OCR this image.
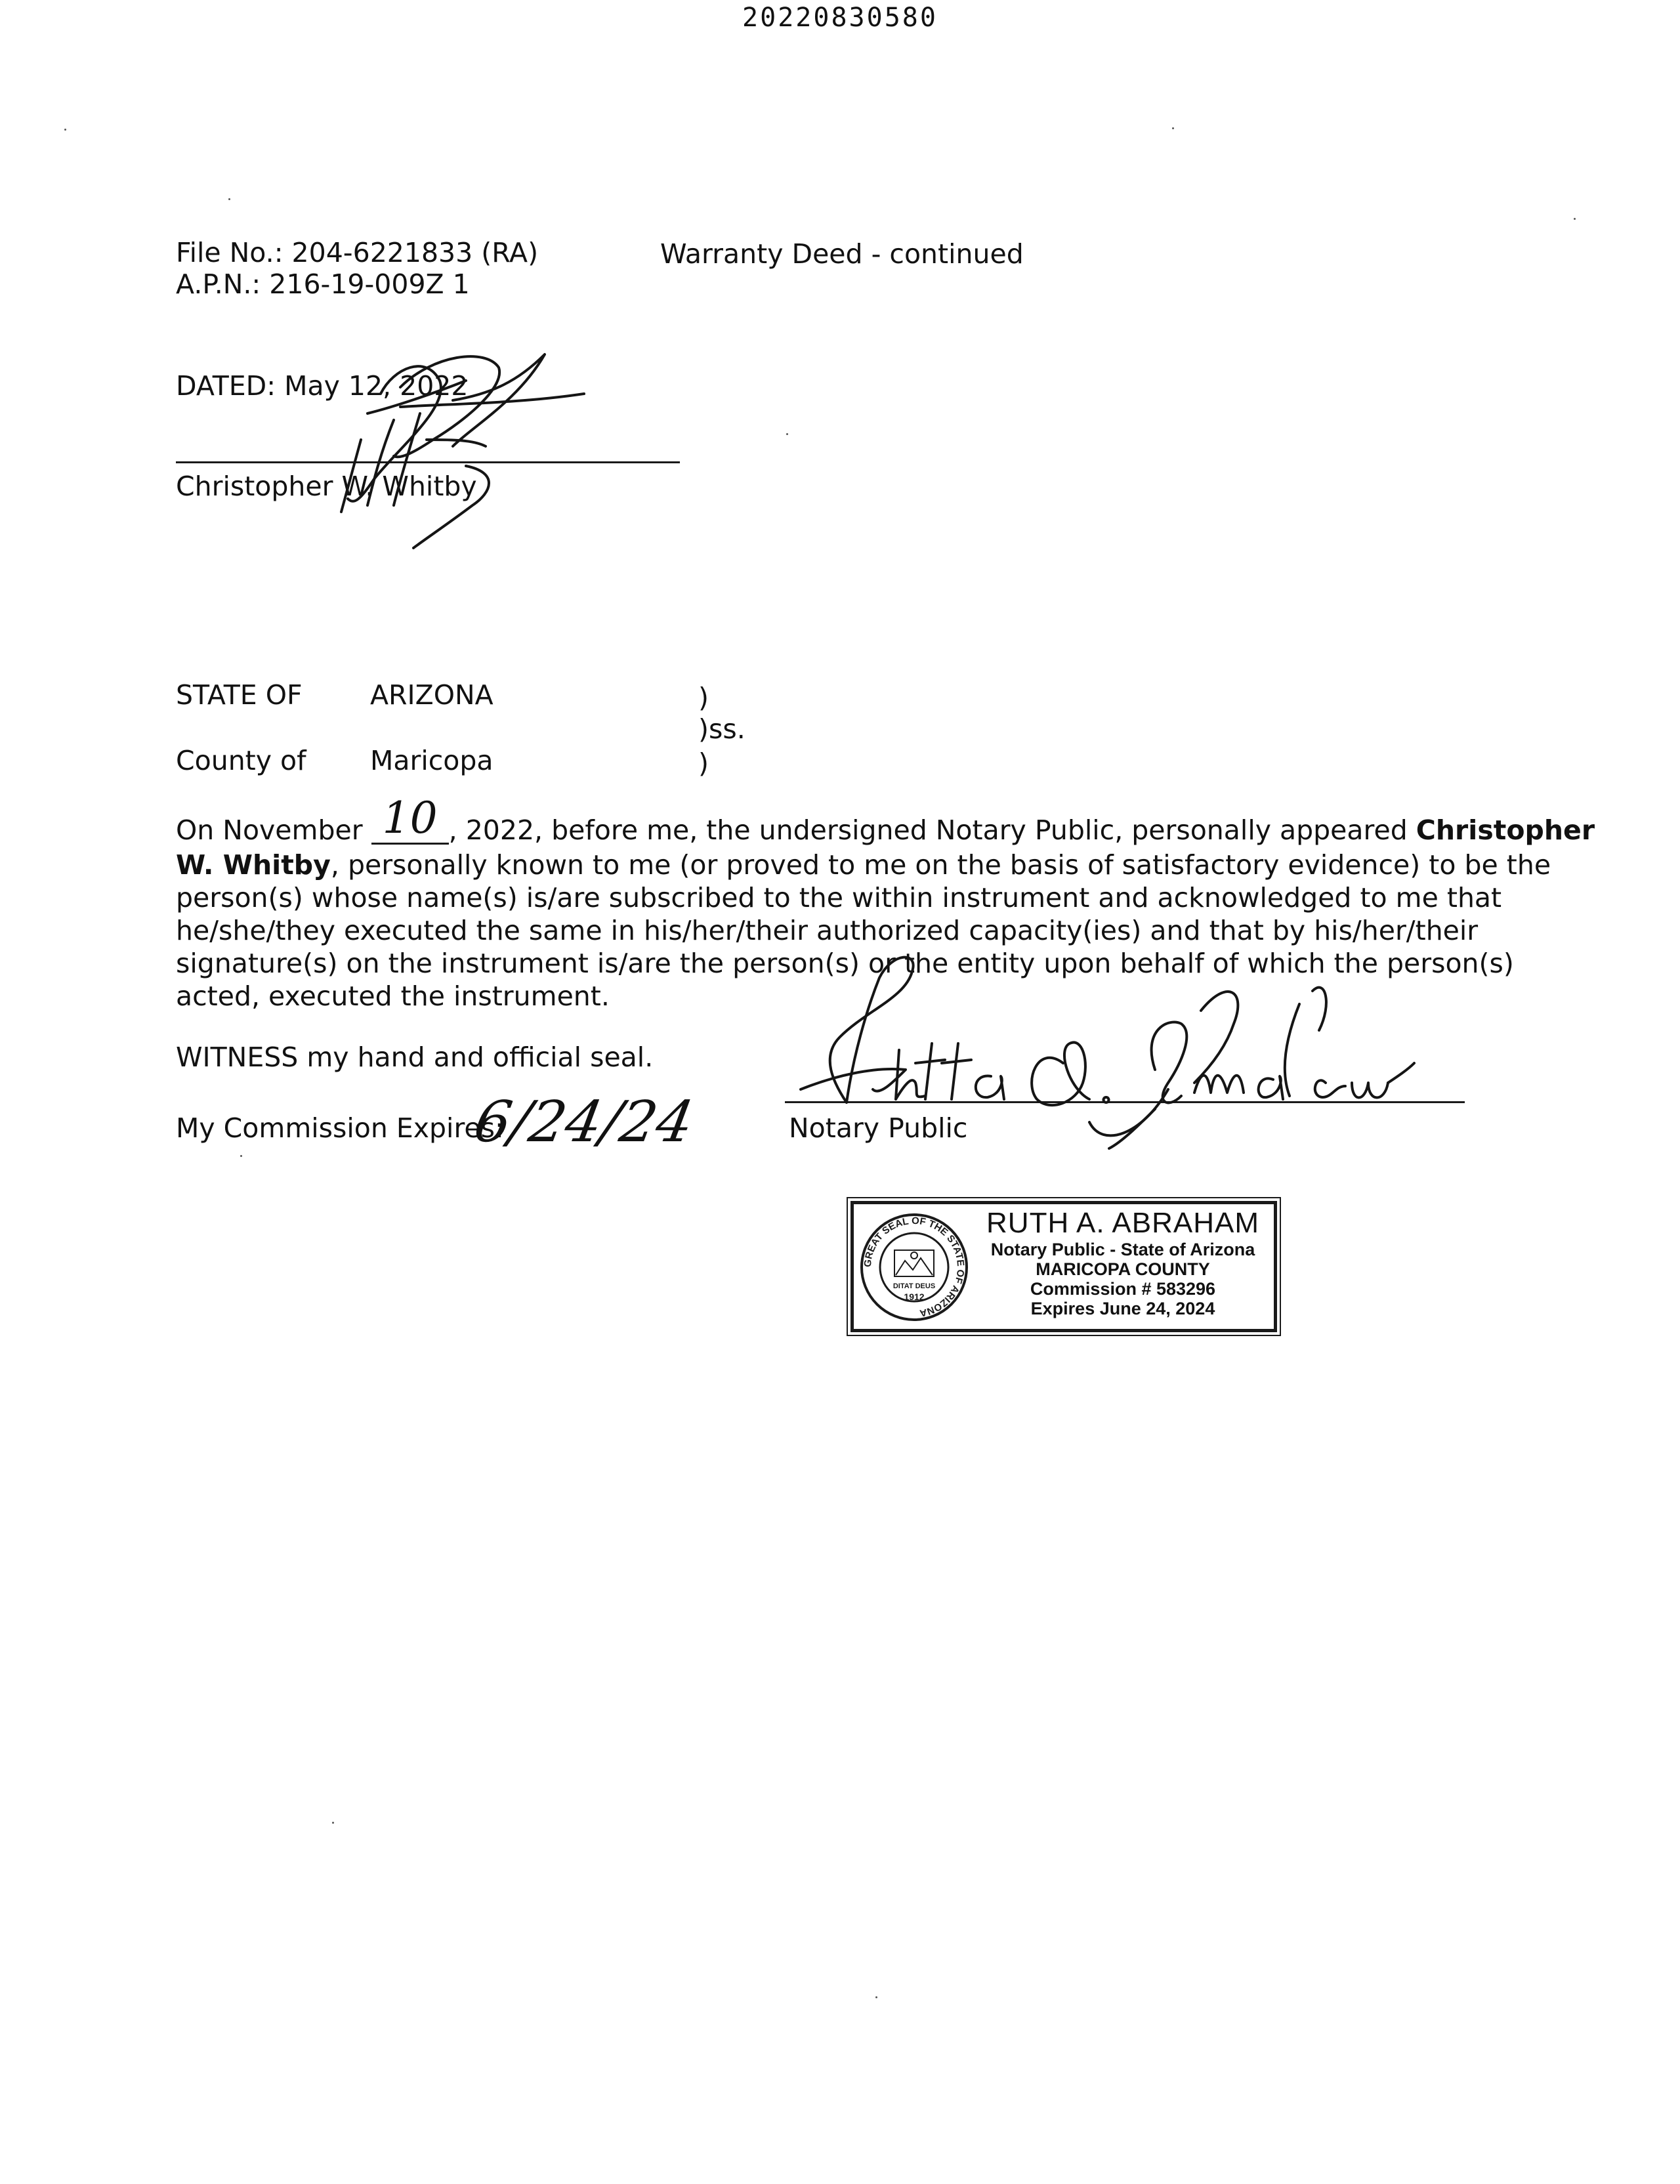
20220830580
File No.: 204-6221833 (RA)
A.P.N.: 216-19-009Z 1
Warranty Deed - continued
DATED: May 12, 2022
Christopher W. Whitby
STATE OF	ARIZONA	)
)ss.
County of Maricopa	)
On November 10 , 2022, before me, the undersigned Notary Public, personally appeared Christopher
W. Whitby, personally known to me (or proved to me on the basis of satisfactory evidence) to be the
person(s) whose name(s) is/are subscribed to the within instrument and acknowledged to me that
he/she/they executed the same in his/her/their authorized capacity(ies) and that by his/her/their
signature(s) on the instrument is/are the person(s) or the entity upon behalf of which the person(s)
acted, executed the instrument.
WITNESS my hand and official seal.
My Commission Expires:
6/24/24	Notary Public
GREAT SEAL OF THE STATE OF ARIZONA
DITAT DEUS
1912
RUTH A. ABRAHAM
Notary Public - State of Arizona
MARICOPA COUNTY
Commission # 583296
Expires June 24, 2024
